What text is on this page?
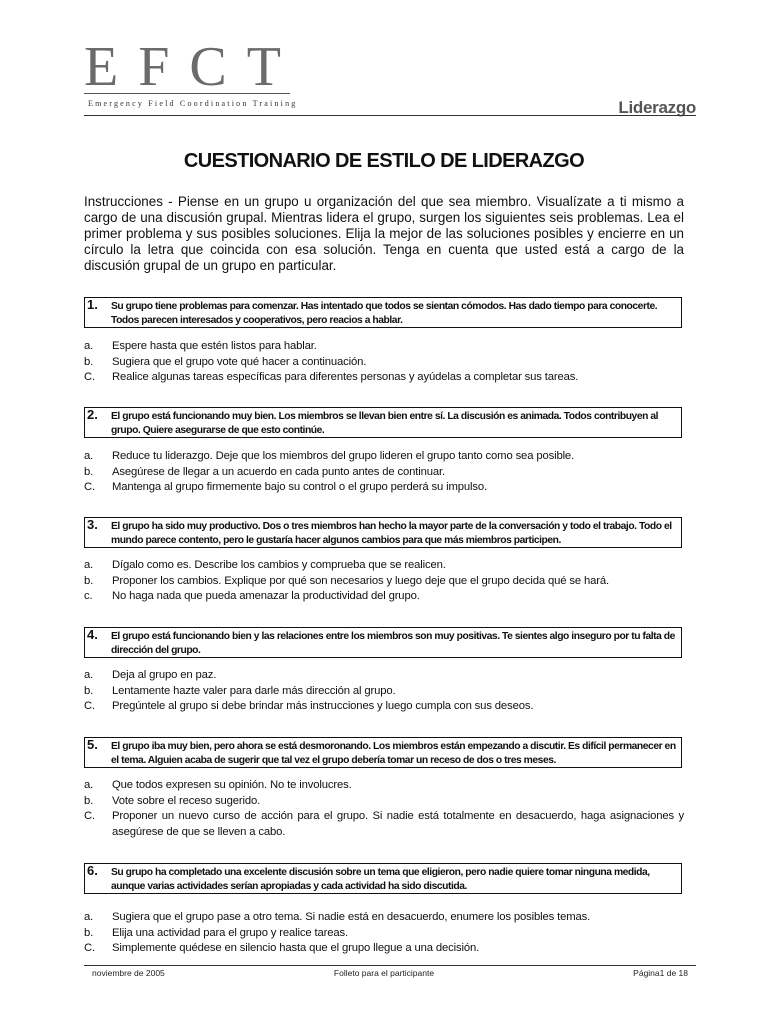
EFCT
Emergency Field Coordination Training	Liderazgo
CUESTIONARIO DE ESTILO DE LIDERAZGO
Instrucciones - Piense en un grupo u organización del que sea miembro. Visualízate a ti mismo a cargo de una discusión grupal. Mientras lidera el grupo, surgen los siguientes seis problemas. Lea el primer problema y sus posibles soluciones. Elija la mejor de las soluciones posibles y encierre en un círculo la letra que coincida con esa solución. Tenga en cuenta que usted está a cargo de la discusión grupal de un grupo en particular.
1. Su grupo tiene problemas para comenzar. Has intentado que todos se sientan cómodos. Has dado tiempo para conocerte. Todos parecen interesados y cooperativos, pero reacios a hablar.
a. Espere hasta que estén listos para hablar.
b. Sugiera que el grupo vote qué hacer a continuación.
C. Realice algunas tareas específicas para diferentes personas y ayúdelas a completar sus tareas.
2. El grupo está funcionando muy bien. Los miembros se llevan bien entre sí. La discusión es animada. Todos contribuyen al grupo. Quiere asegurarse de que esto continúe.
a. Reduce tu liderazgo. Deje que los miembros del grupo lideren el grupo tanto como sea posible.
b. Asegúrese de llegar a un acuerdo en cada punto antes de continuar.
C. Mantenga al grupo firmemente bajo su control o el grupo perderá su impulso.
3. El grupo ha sido muy productivo. Dos o tres miembros han hecho la mayor parte de la conversación y todo el trabajo. Todo el mundo parece contento, pero le gustaría hacer algunos cambios para que más miembros participen.
a. Dígalo como es. Describe los cambios y comprueba que se realicen.
b. Proponer los cambios. Explique por qué son necesarios y luego deje que el grupo decida qué se hará.
c. No haga nada que pueda amenazar la productividad del grupo.
4. El grupo está funcionando bien y las relaciones entre los miembros son muy positivas. Te sientes algo inseguro por tu falta de dirección del grupo.
a. Deja al grupo en paz.
b. Lentamente hazte valer para darle más dirección al grupo.
C. Pregúntele al grupo si debe brindar más instrucciones y luego cumpla con sus deseos.
5. El grupo iba muy bien, pero ahora se está desmoronando. Los miembros están empezando a discutir. Es difícil permanecer en el tema. Alguien acaba de sugerir que tal vez el grupo debería tomar un receso de dos o tres meses.
a. Que todos expresen su opinión. No te involucres.
b. Vote sobre el receso sugerido.
C. Proponer un nuevo curso de acción para el grupo. Si nadie está totalmente en desacuerdo, haga asignaciones y asegúrese de que se lleven a cabo.
6. Su grupo ha completado una excelente discusión sobre un tema que eligieron, pero nadie quiere tomar ninguna medida, aunque varias actividades serían apropiadas y cada actividad ha sido discutida.
a. Sugiera que el grupo pase a otro tema. Si nadie está en desacuerdo, enumere los posibles temas.
b. Elija una actividad para el grupo y realice tareas.
C. Simplemente quédese en silencio hasta que el grupo llegue a una decisión.
noviembre de 2005	Folleto para el participante	Página1 de 18
